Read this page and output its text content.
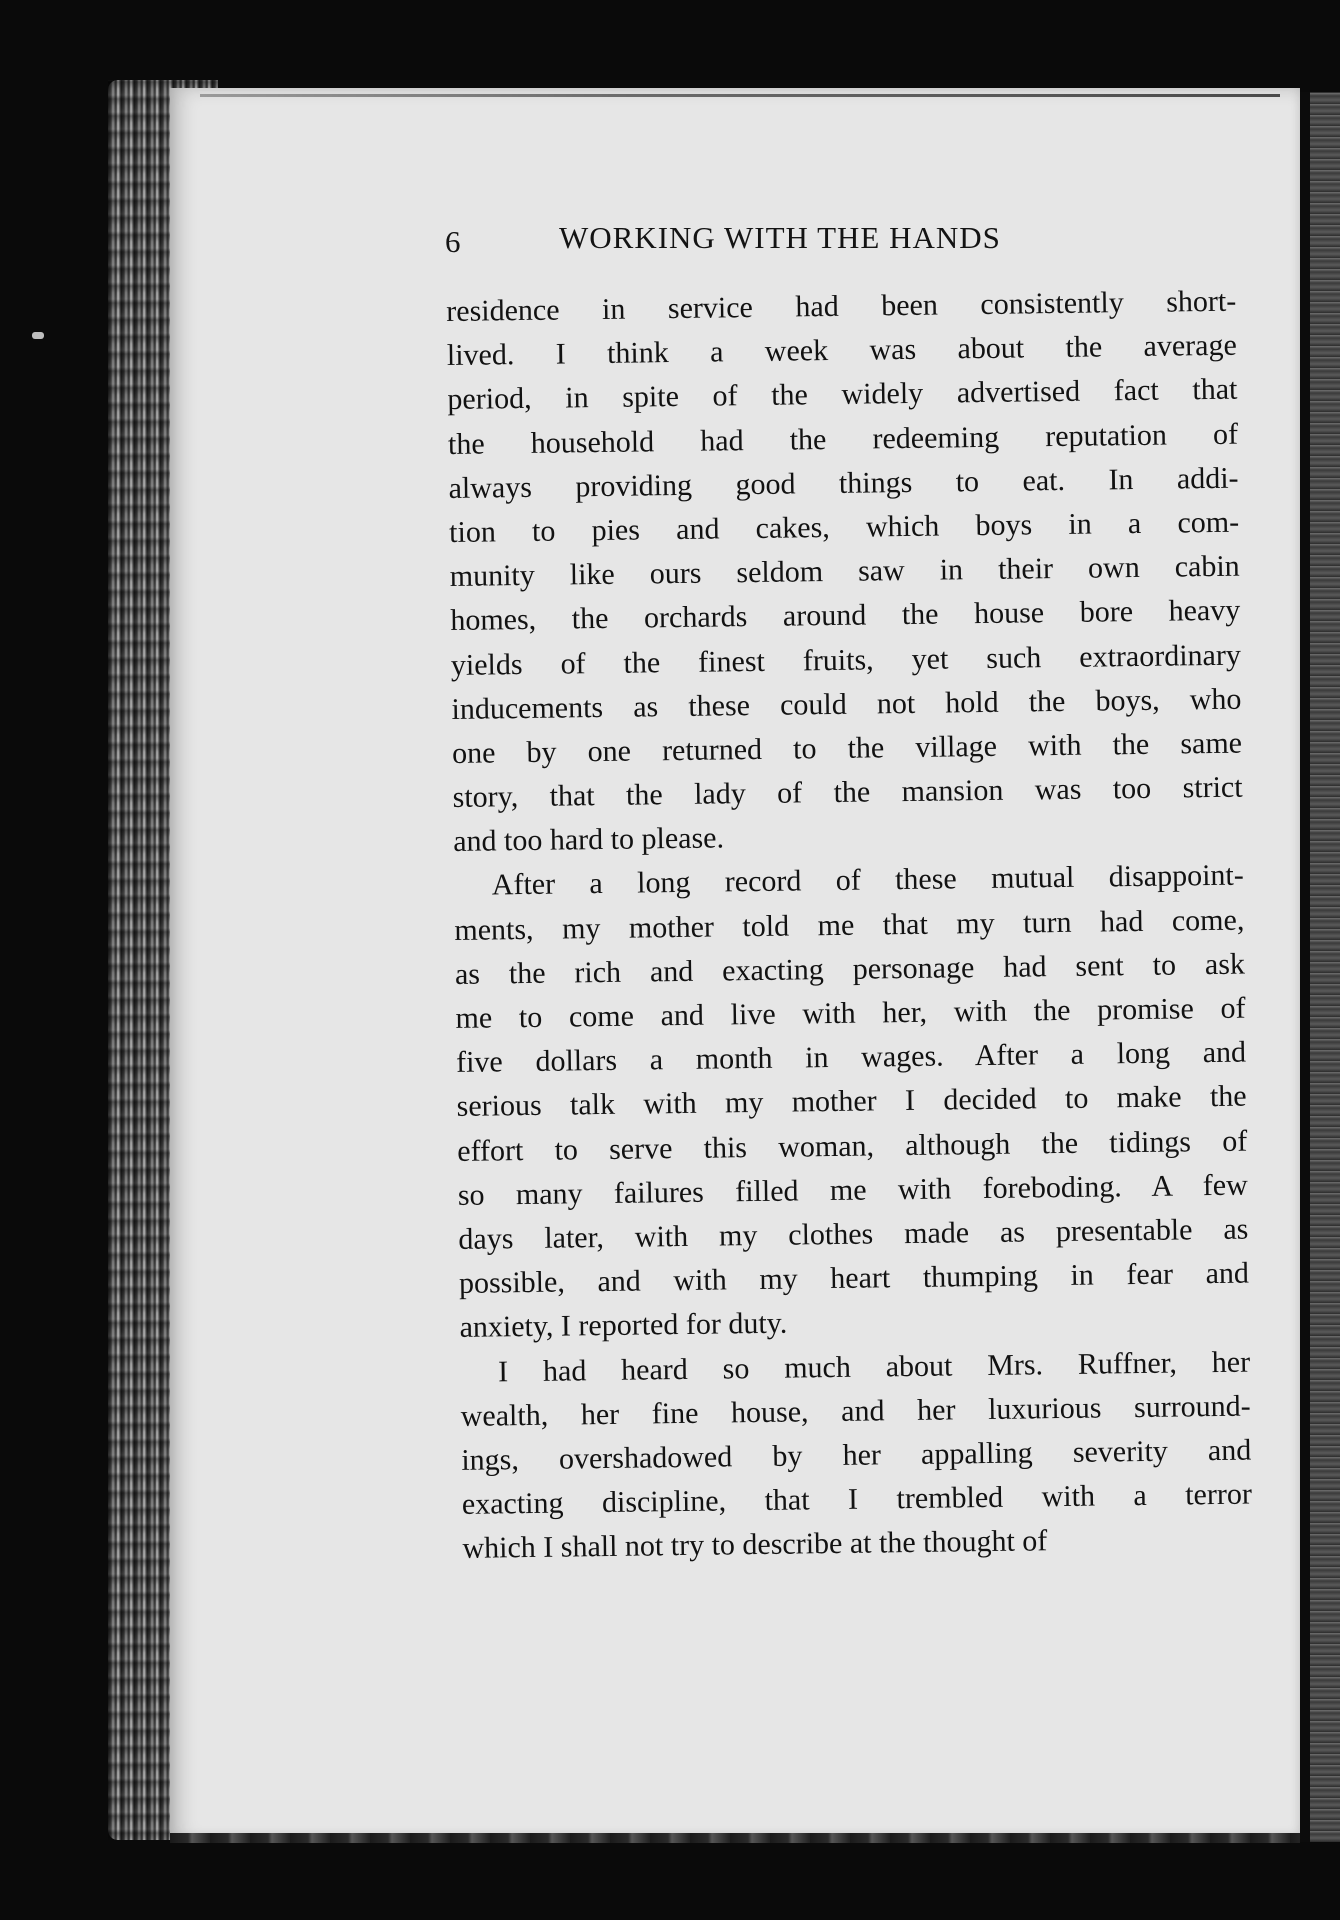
6	WORKING WITH THE HANDS
residence in service had been consistently short-
lived. I think a week was about the average
period, in spite of the widely advertised fact that
the household had the redeeming reputation of
always providing good things to eat. In addi-
tion to pies and cakes, which boys in a com-
munity like ours seldom saw in their own cabin
homes, the orchards around the house bore heavy
yields of the finest fruits, yet such extraordinary
inducements as these could not hold the boys, who
one by one returned to the village with the same
story, that the lady of the mansion was too strict
and too hard to please.
After a long record of these mutual disappoint-
ments, my mother told me that my turn had come,
as the rich and exacting personage had sent to ask
me to come and live with her, with the promise of
five dollars a month in wages. After a long and
serious talk with my mother I decided to make the
effort to serve this woman, although the tidings of
so many failures filled me with foreboding. A few
days later, with my clothes made as presentable as
possible, and with my heart thumping in fear and
anxiety, I reported for duty.
I had heard so much about Mrs. Ruffner, her
wealth, her fine house, and her luxurious surround-
ings, overshadowed by her appalling severity and
exacting discipline, that I trembled with a terror
which I shall not try to describe at the thought of
